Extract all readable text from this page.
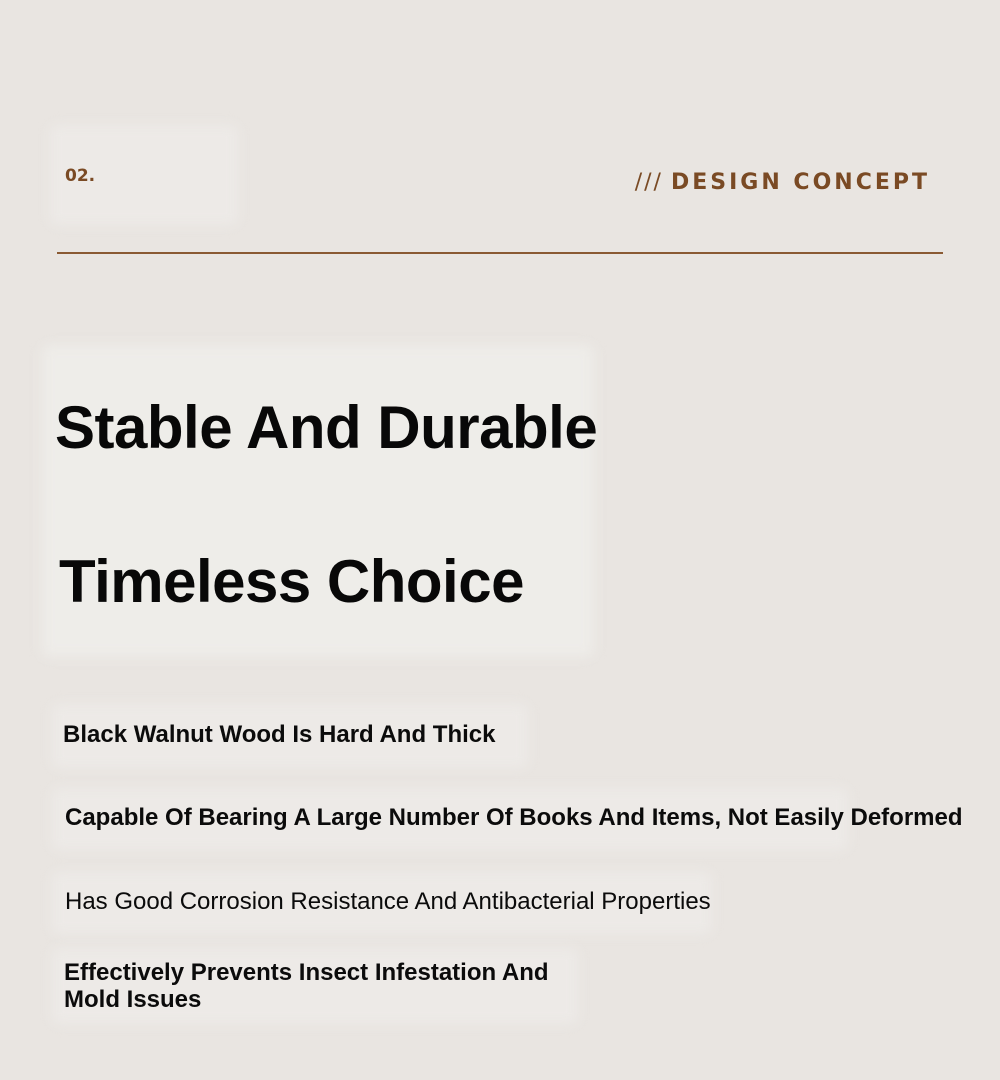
02.	/// DESIGN CONCEPT
Stable And Durable
Timeless Choice

Black Walnut Wood Is Hard And Thick

Capable Of Bearing A Large Number Of Books And Items, Not Easily Deformed

Has Good Corrosion Resistance And Antibacterial Properties

Effectively Prevents Insect Infestation And Mold Issues
